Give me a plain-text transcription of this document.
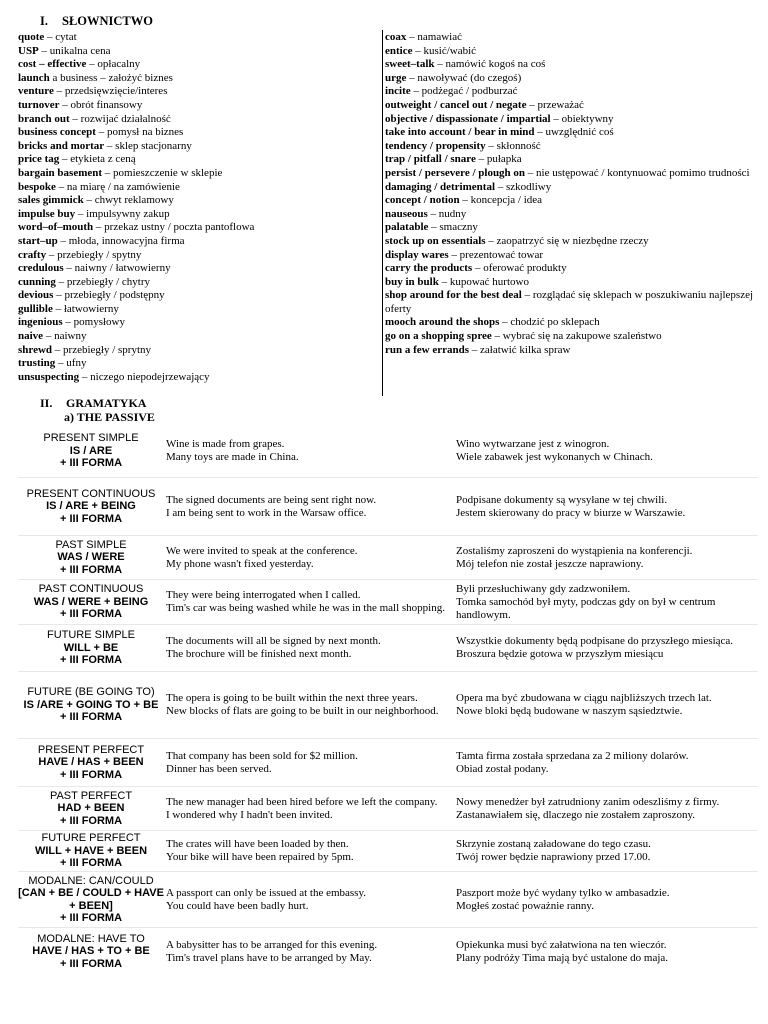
I. SŁOWNICTWO
quote – cytat
USP – unikalna cena
cost – effective – opłacalny
launch a business – założyć biznes
venture – przedsięwzięcie/interes
turnover – obrót finansowy
branch out – rozwijać działalność
business concept – pomysł na biznes
bricks and mortar – sklep stacjonarny
price tag – etykieta z ceną
bargain basement – pomieszczenie w sklepie
bespoke – na miarę / na zamówienie
sales gimmick – chwyt reklamowy
impulse buy – impulsywny zakup
word–of–mouth – przekaz ustny / poczta pantoflowa
start–up – młoda, innowacyjna firma
crafty – przebiegły / spytny
credulous – naiwny / łatwowierny
cunning – przebiegły / chytry
devious – przebiegły / podstępny
gullible – łatwowierny
ingenious – pomysłowy
naive – naiwny
shrewd – przebiegły / sprytny
trusting – ufny
unsuspecting – niczego niepodejrzewający
coax – namawiać
entice – kusić/wabić
sweet–talk – namówić kogoś na coś
urge – nawoływać (do czegoś)
incite – podżegać / podburzać
outweight / cancel out / negate – przeważać
objective / dispassionate / impartial – obiektywny
take into account / bear in mind – uwzględnić coś
tendency / propensity – skłonność
trap / pitfall / snare – pułapka
persist / persevere / plough on – nie ustępować / kontynuować pomimo trudności
damaging / detrimental – szkodliwy
concept / notion – koncepcja / idea
nauseous – nudny
palatable – smaczny
stock up on essentials – zaopatrzyć się w niezbędne rzeczy
display wares – prezentować towar
carry the products – oferować produkty
buy in bulk – kupować hurtowo
shop around for the best deal – rozglądać się sklepach w poszukiwaniu najlepszej oferty
mooch around the shops – chodzić po sklepach
go on a shopping spree – wybrać się na zakupowe szaleństwo
run a few errands – załatwić kilka spraw
II. GRAMATYKA
a) THE PASSIVE
PRESENT SIMPLE
IS / ARE
+ III FORMA
Wine is made from grapes.
Many toys are made in China.
Wino wytwarzane jest z winogron.
Wiele zabawek jest wykonanych w Chinach.
PRESENT CONTINUOUS
IS / ARE + BEING
+ III FORMA
The signed documents are being sent right now.
I am being sent to work in the Warsaw office.
Podpisane dokumenty są wysyłane w tej chwili.
Jestem skierowany do pracy w biurze w Warszawie.
PAST SIMPLE
WAS / WERE
+ III FORMA
We were invited to speak at the conference.
My phone wasn't fixed yesterday.
Zostaliśmy zaproszeni do wystąpienia na konferencji.
Mój telefon nie został jeszcze naprawiony.
PAST CONTINUOUS
WAS / WERE + BEING
+ III FORMA
They were being interrogated when I called.
Tim's car was being washed while he was in the mall shopping.
Byli przesłuchiwany gdy zadzwoniłem.
Tomka samochód był myty, podczas gdy on był w centrum handlowym.
FUTURE SIMPLE
WILL + BE
+ III FORMA
The documents will all be signed by next month.
The brochure will be finished next month.
Wszystkie dokumenty będą podpisane do przyszłego miesiąca.
Broszura będzie gotowa w przyszłym miesiącu
FUTURE (BE GOING TO)
IS /ARE + GOING TO + BE
+ III FORMA
The opera is going to be built within the next three years.
New blocks of flats are going to be built in our neighborhood.
Opera ma być zbudowana w ciągu najbliższych trzech lat.
Nowe bloki będą budowane w naszym sąsiedztwie.
PRESENT PERFECT
HAVE / HAS + BEEN
+ III FORMA
That company has been sold for $2 million.
Dinner has been served.
Tamta firma została sprzedana za 2 miliony dolarów.
Obiad został podany.
PAST PERFECT
HAD + BEEN
+ III FORMA
The new manager had been hired before we left the company.
I wondered why I hadn't been invited.
Nowy menedżer był zatrudniony zanim odeszliśmy z firmy.
Zastanawiałem się, dlaczego nie zostałem zaproszony.
FUTURE PERFECT
WILL + HAVE + BEEN
+ III FORMA
The crates will have been loaded by then.
Your bike will have been repaired by 5pm.
Skrzynie zostaną załadowane do tego czasu.
Twój rower będzie naprawiony przed 17.00.
MODALNE: CAN/COULD
[CAN + BE / COULD + HAVE + BEEN]
+ III FORMA
A passport can only be issued at the embassy.
You could have been badly hurt.
Paszport może być wydany tylko w ambasadzie.
Mogłeś zostać poważnie ranny.
MODALNE: HAVE TO
HAVE / HAS + TO + BE
+ III FORMA
A babysitter has to be arranged for this evening.
Tim's travel plans have to be arranged by May.
Opiekunka musi być załatwiona na ten wieczór.
Plany podróży Tima mają być ustalone do maja.
